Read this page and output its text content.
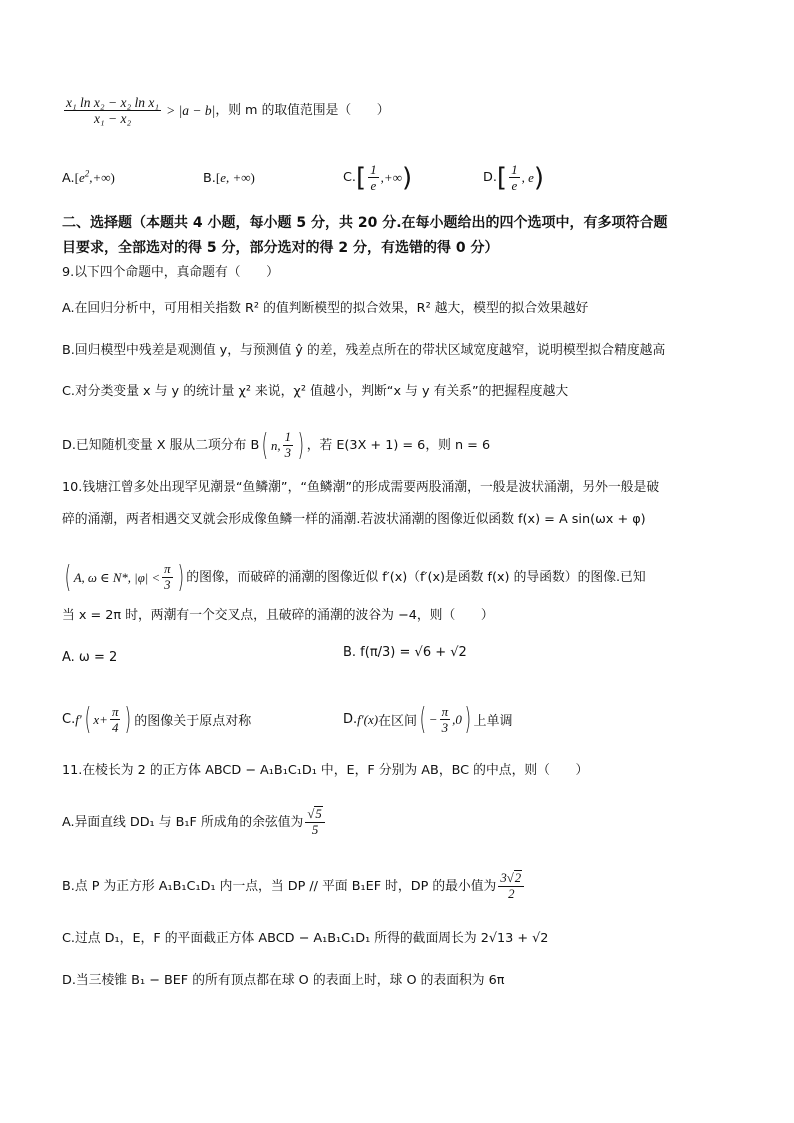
$\frac{\text{x₁ ln x₂ − x₂ ln x₁}}{\text{x₁ − x₂}} > |a - b|$ ，则 m 的取值范围是（　　）
A. $[e^2,+\infty)$	B. [e, +∞)	C. [ $\frac{1}{e}$ ,+∞ )	D. [ $\frac{1}{e}$ , e )
二、选择题（本题共 4 小题，每小题 5 分，共 20 分.在每小题给出的四个选项中，有多项符合题
目要求，全部选对的得 5 分，部分选对的得 2 分，有选错的得 0 分）
9.以下四个命题中，真命题有（　　）
A.在回归分析中，可用相关指数 R² 的值判断模型的拟合效果，R² 越大，模型的拟合效果越好
B.回归模型中残差是观测值 y，与预测值 ŷ 的差，残差点所在的带状区域宽度越窄，说明模型拟合精度越高
C.对分类变量 x 与 y 的统计量 χ² 来说，χ² 值越小，判断“x 与 y 有关系”的把握程度越大
D.已知随机变量 X 服从二项分布 B ( n, $\frac{1}{3}$ ) ，若 E(3X + 1) = 6，则 n = 6
10.钱塘江曾多处出现罕见潮景“鱼鳞潮”，“鱼鳞潮”的形成需要两股涌潮，一般是波状涌潮，另外一般是破
碎的涌潮，两者相遇交叉就会形成像鱼鳞一样的涌潮.若波状涌潮的图像近似函数 f(x) = A sin(ωx + φ)
( A, ω ∈ N*, $|\varphi| < \frac{\pi}{3}$ ) 的图像，而破碎的涌潮的图像近似 f′(x)（f′(x)是函数 f(x) 的导函数）的图像.已知
当 x = 2π 时，两潮有一个交叉点，且破碎的涌潮的波谷为 −4，则（　　）
A. ω = 2	B. f(π/3) = √6 + √2
C. f′ ( $x+ \frac{\pi}{4}$ ) 的图像关于原点对称	D. f′(x) 在区间 ( − $\frac{\pi}{3} ,0$ ) 上单调
11.在棱长为 2 的正方体 ABCD − A₁B₁C₁D₁ 中，E，F 分别为 AB，BC 的中点，则（　　）
A.异面直线 DD₁ 与 B₁F 所成角的余弦值为 $\frac{√5}{5}$
B.点 P 为正方形 A₁B₁C₁D₁ 内一点，当 DP // 平面 B₁EF 时，DP 的最小值为 $\frac{3√2}{2}$
C.过点 D₁，E，F 的平面截正方体 ABCD − A₁B₁C₁D₁ 所得的截面周长为 2√13 + √2
D.当三棱锥 B₁ − BEF 的所有顶点都在球 O 的表面上时，球 O 的表面积为 6π
